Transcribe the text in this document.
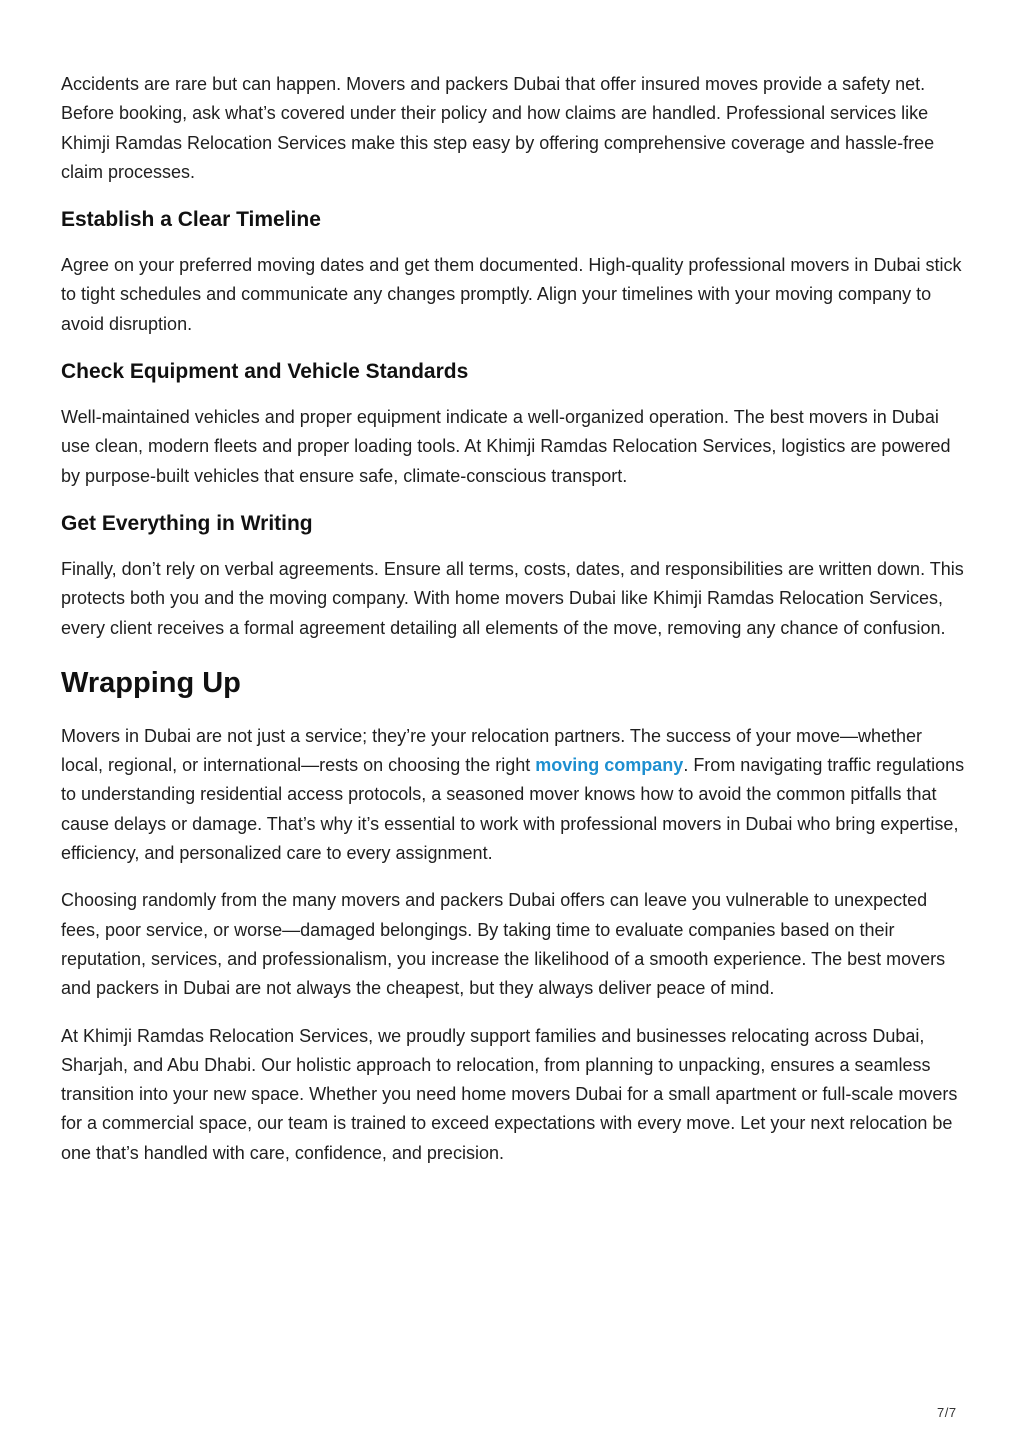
Accidents are rare but can happen. Movers and packers Dubai that offer insured moves provide a safety net. Before booking, ask what’s covered under their policy and how claims are handled. Professional services like Khimji Ramdas Relocation Services make this step easy by offering comprehensive coverage and hassle-free claim processes.

Establish a Clear Timeline

Agree on your preferred moving dates and get them documented. High-quality professional movers in Dubai stick to tight schedules and communicate any changes promptly. Align your timelines with your moving company to avoid disruption.

Check Equipment and Vehicle Standards

Well-maintained vehicles and proper equipment indicate a well-organized operation. The best movers in Dubai use clean, modern fleets and proper loading tools. At Khimji Ramdas Relocation Services, logistics are powered by purpose-built vehicles that ensure safe, climate-conscious transport.

Get Everything in Writing

Finally, don’t rely on verbal agreements. Ensure all terms, costs, dates, and responsibilities are written down. This protects both you and the moving company. With home movers Dubai like Khimji Ramdas Relocation Services, every client receives a formal agreement detailing all elements of the move, removing any chance of confusion.

Wrapping Up

Movers in Dubai are not just a service; they’re your relocation partners. The success of your move—whether local, regional, or international—rests on choosing the right moving company. From navigating traffic regulations to understanding residential access protocols, a seasoned mover knows how to avoid the common pitfalls that cause delays or damage. That’s why it’s essential to work with professional movers in Dubai who bring expertise, efficiency, and personalized care to every assignment.

Choosing randomly from the many movers and packers Dubai offers can leave you vulnerable to unexpected fees, poor service, or worse—damaged belongings. By taking time to evaluate companies based on their reputation, services, and professionalism, you increase the likelihood of a smooth experience. The best movers and packers in Dubai are not always the cheapest, but they always deliver peace of mind.

At Khimji Ramdas Relocation Services, we proudly support families and businesses relocating across Dubai, Sharjah, and Abu Dhabi. Our holistic approach to relocation, from planning to unpacking, ensures a seamless transition into your new space. Whether you need home movers Dubai for a small apartment or full-scale movers for a commercial space, our team is trained to exceed expectations with every move. Let your next relocation be one that’s handled with care, confidence, and precision.

7/7
